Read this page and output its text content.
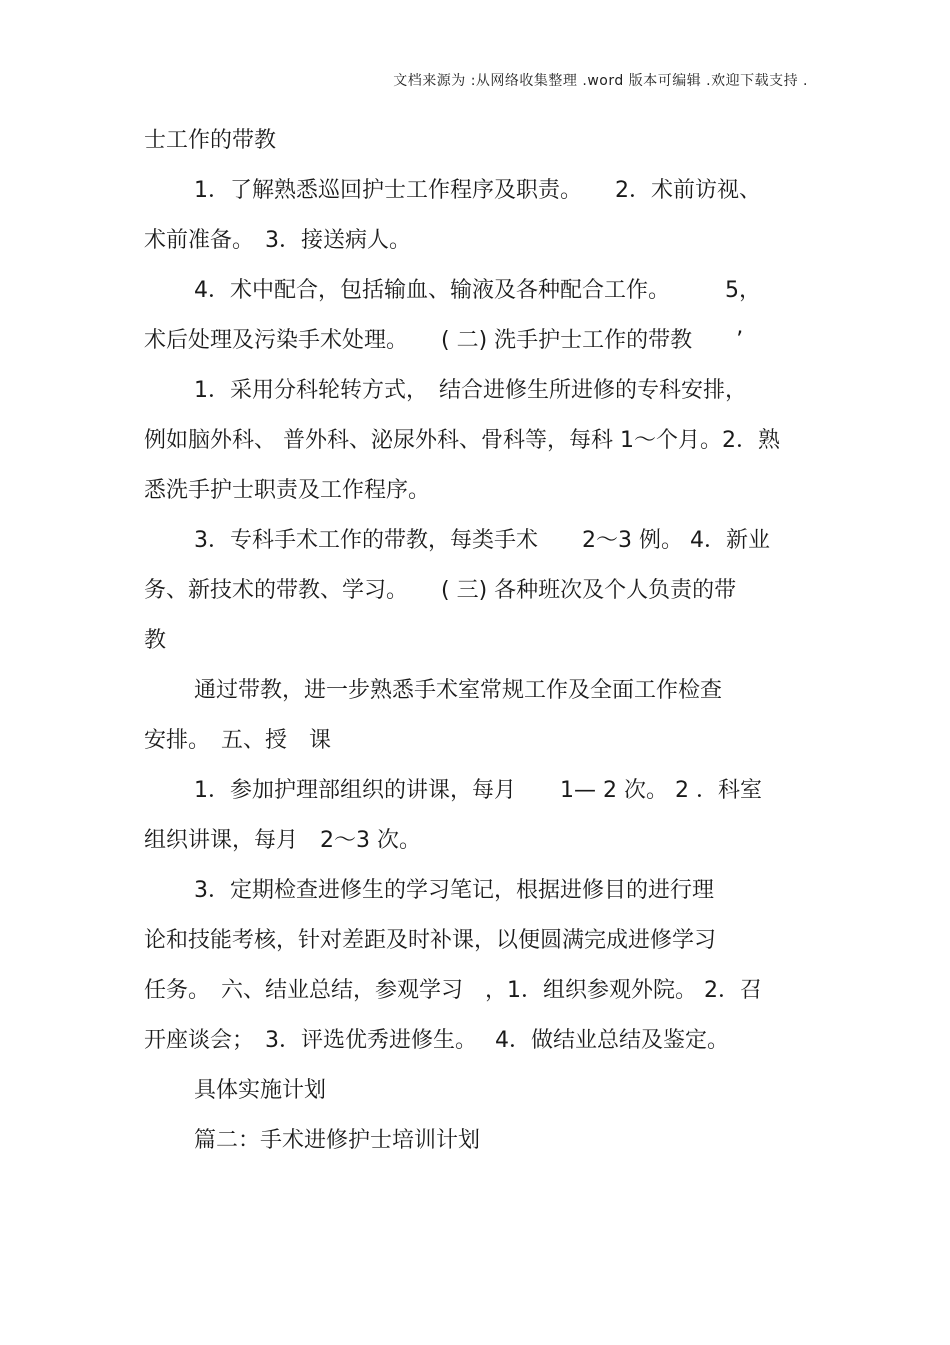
文档来源为 :从网络收集整理 .word 版本可编辑 .欢迎下载支持 .
士工作的带教
1．了解熟悉巡回护士工作程序及职责。　　2．术前访视、
术前准备。　3．接送病人。
4．术中配合，包括输血、输液及各种配合工作。　　　5，
术后处理及污染手术处理。　　( 二) 洗手护士工作的带教　　’
1．采用分科轮转方式，　结合进修生所进修的专科安排，
例如脑外科、 普外科、泌尿外科、骨科等，每科 1～个月。2．熟
悉洗手护士职责及工作程序。
3．专科手术工作的带教，每类手术　　2～3 例。 4．新业
务、新技术的带教、学习。　　( 三) 各种班次及个人负责的带
教
通过带教，进一步熟悉手术室常规工作及全面工作检查
安排。　五、授　课
1．参加护理部组织的讲课，每月　　1— 2 次。 2 ．科室
组织讲课，每月　2～3 次。
3．定期检查进修生的学习笔记，根据进修目的进行理
论和技能考核，针对差距及时补课，以便圆满完成进修学习
任务。　六、结业总结，参观学习　，1．组织参观外院。 2．召
开座谈会；　3．评选优秀进修生。　 4．做结业总结及鉴定。
具体实施计划
篇二：手术进修护士培训计划
